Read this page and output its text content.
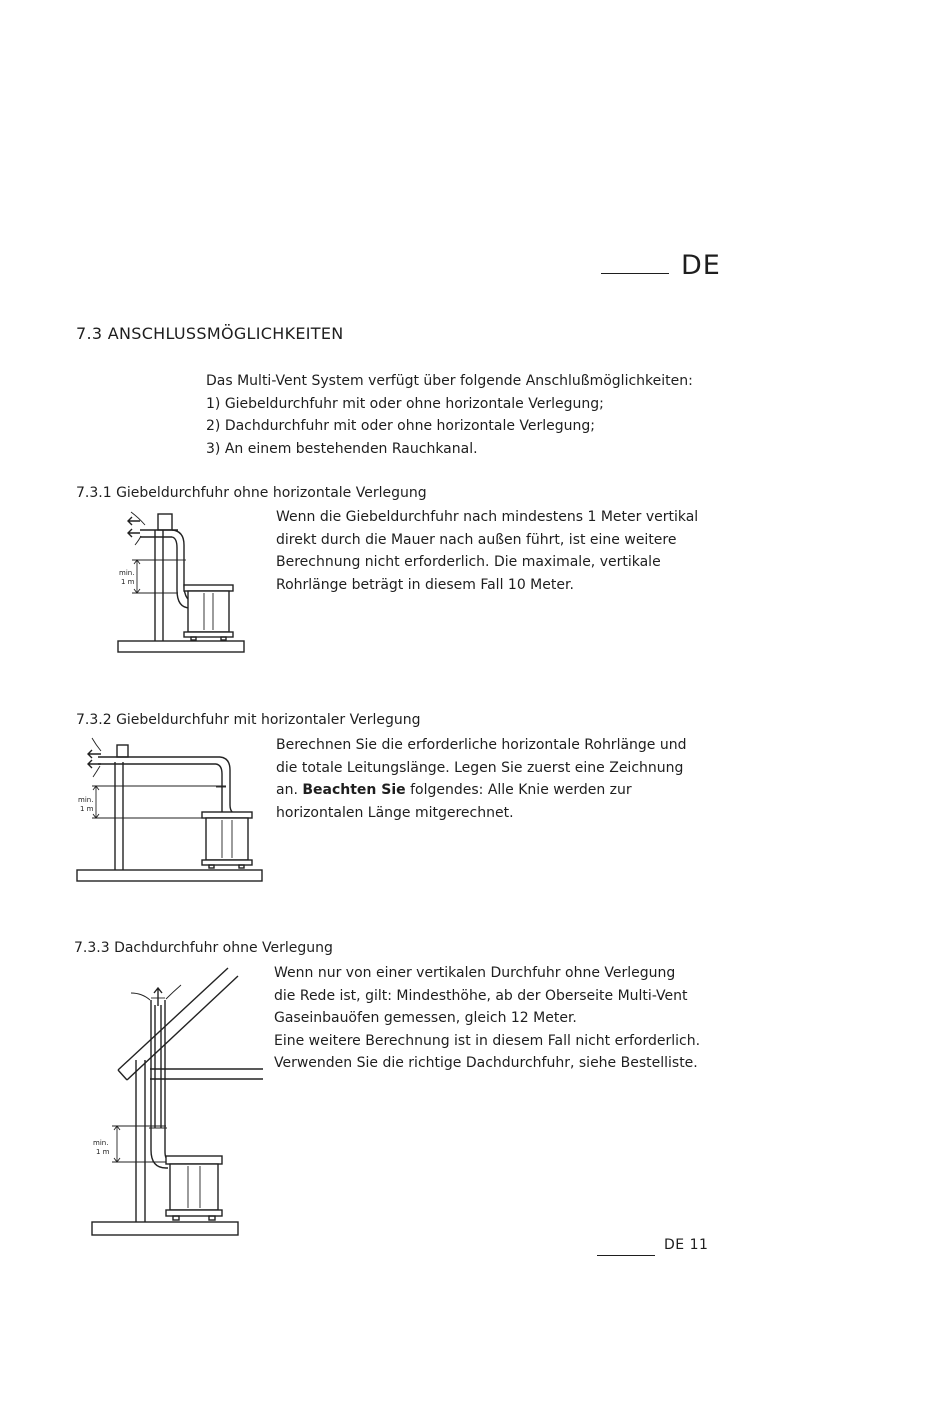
DE
7.3 ANSCHLUSSMÖGLICHKEITEN
Das Multi-Vent System verfügt über folgende Anschlußmöglichkeiten:
1) Giebeldurchfuhr mit oder ohne horizontale Verlegung;
2) Dachdurchfuhr mit oder ohne horizontale Verlegung;
3) An einem bestehenden Rauchkanal.
7.3.1 Giebeldurchfuhr ohne horizontale Verlegung
Wenn die Giebeldurchfuhr nach mindestens 1 Meter vertikal
direkt durch die Mauer nach außen führt, ist eine weitere
Berechnung nicht erforderlich. Die maximale, vertikale
Rohrlänge beträgt in diesem Fall 10 Meter.
min.
1 m
7.3.2 Giebeldurchfuhr mit horizontaler Verlegung
Berechnen Sie die erforderliche horizontale Rohrlänge und
die totale Leitungslänge. Legen Sie zuerst eine Zeichnung
an. Beachten Sie folgendes: Alle Knie werden zur
horizontalen Länge mitgerechnet.
min.
1 m
7.3.3 Dachdurchfuhr ohne Verlegung
Wenn nur von einer vertikalen Durchfuhr ohne Verlegung
die Rede ist, gilt: Mindesthöhe, ab der Oberseite Multi-Vent
Gaseinbauöfen gemessen, gleich 12 Meter.
Eine weitere Berechnung ist in diesem Fall nicht erforderlich.
Verwenden Sie die richtige Dachdurchfuhr, siehe Bestelliste.
min.
1 m
DE 11
